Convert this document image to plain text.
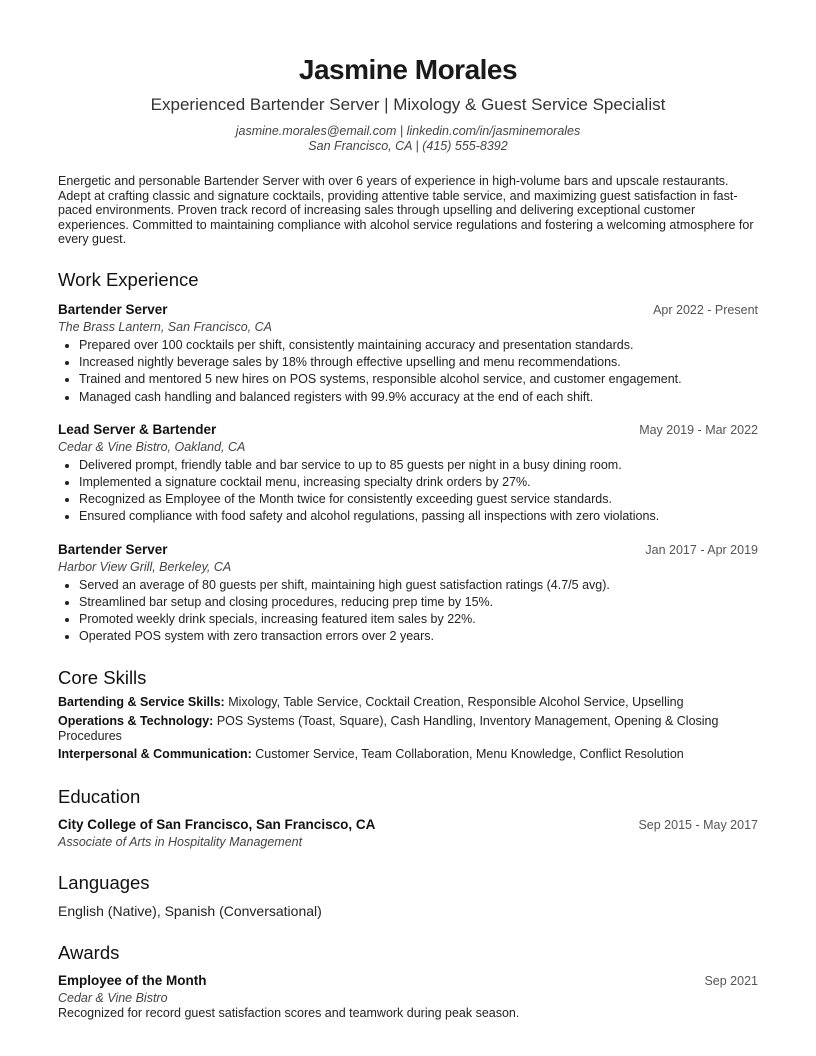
Jasmine Morales
Experienced Bartender Server | Mixology & Guest Service Specialist
jasmine.morales@email.com | linkedin.com/in/jasminemorales
San Francisco, CA | (415) 555-8392
Energetic and personable Bartender Server with over 6 years of experience in high-volume bars and upscale restaurants. Adept at crafting classic and signature cocktails, providing attentive table service, and maximizing guest satisfaction in fast-paced environments. Proven track record of increasing sales through upselling and delivering exceptional customer experiences. Committed to maintaining compliance with alcohol service regulations and fostering a welcoming atmosphere for every guest.
Work Experience
Bartender Server	Apr 2022 - Present
The Brass Lantern, San Francisco, CA
• Prepared over 100 cocktails per shift, consistently maintaining accuracy and presentation standards.
• Increased nightly beverage sales by 18% through effective upselling and menu recommendations.
• Trained and mentored 5 new hires on POS systems, responsible alcohol service, and customer engagement.
• Managed cash handling and balanced registers with 99.9% accuracy at the end of each shift.
Lead Server & Bartender	May 2019 - Mar 2022
Cedar & Vine Bistro, Oakland, CA
• Delivered prompt, friendly table and bar service to up to 85 guests per night in a busy dining room.
• Implemented a signature cocktail menu, increasing specialty drink orders by 27%.
• Recognized as Employee of the Month twice for consistently exceeding guest service standards.
• Ensured compliance with food safety and alcohol regulations, passing all inspections with zero violations.
Bartender Server	Jan 2017 - Apr 2019
Harbor View Grill, Berkeley, CA
• Served an average of 80 guests per shift, maintaining high guest satisfaction ratings (4.7/5 avg).
• Streamlined bar setup and closing procedures, reducing prep time by 15%.
• Promoted weekly drink specials, increasing featured item sales by 22%.
• Operated POS system with zero transaction errors over 2 years.
Core Skills
Bartending & Service Skills: Mixology, Table Service, Cocktail Creation, Responsible Alcohol Service, Upselling
Operations & Technology: POS Systems (Toast, Square), Cash Handling, Inventory Management, Opening & Closing Procedures
Interpersonal & Communication: Customer Service, Team Collaboration, Menu Knowledge, Conflict Resolution
Education
City College of San Francisco, San Francisco, CA	Sep 2015 - May 2017
Associate of Arts in Hospitality Management
Languages
English (Native), Spanish (Conversational)
Awards
Employee of the Month	Sep 2021
Cedar & Vine Bistro
Recognized for record guest satisfaction scores and teamwork during peak season.
